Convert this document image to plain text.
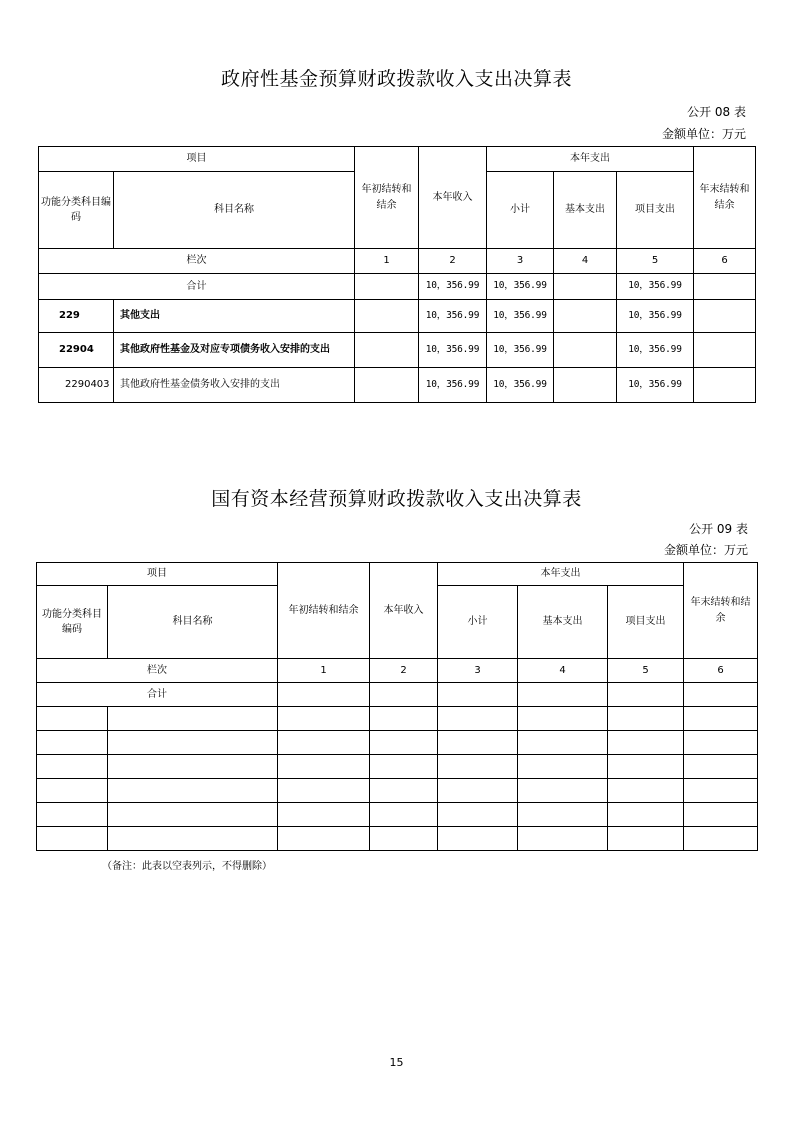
政府性基金预算财政拨款收入支出决算表
公开 08 表
金额单位：万元
项目		年初结转和结余	本年收入	本年支出			年末结转和结余
功能分类科目编码	科目名称			小计	基本支出	项目支出	
栏次		1	2	3	4	5	6
合计			10，356.99	10，356.99		10，356.99	
229	其他支出		10，356.99	10，356.99		10，356.99	
22904	其他政府性基金及对应专项债务收入安排的支出		10，356.99	10，356.99		10，356.99	
2290403	其他政府性基金债务收入安排的支出		10，356.99	10，356.99		10，356.99	
国有资本经营预算财政拨款收入支出决算表
公开 09 表
金额单位：万元
项目		年初结转和结余	本年收入	本年支出			年末结转和结余
功能分类科目编码	科目名称			小计	基本支出	项目支出	
栏次		1	2	3	4	5	6
合计							

（备注：此表以空表列示，不得删除）
15
